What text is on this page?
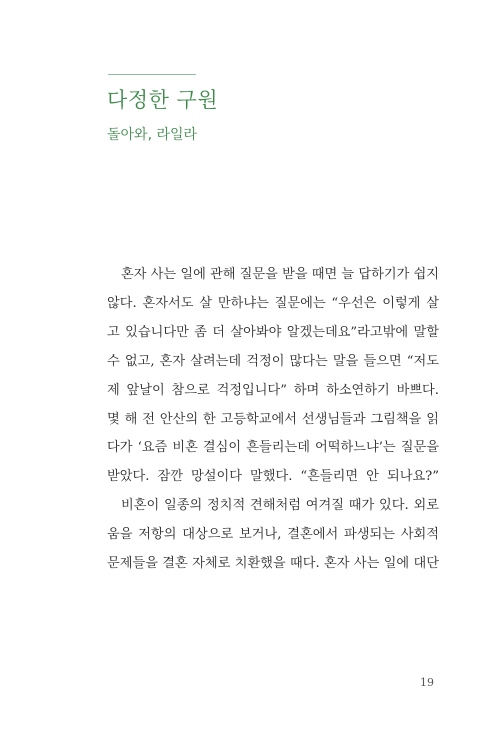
다정한 구원
돌아와, 라일라
혼자 사는 일에 관해 질문을 받을 때면 늘 답하기가 쉽지
않다. 혼자서도 살 만하냐는 질문에는 “우선은 이렇게 살
고 있습니다만 좀 더 살아봐야 알겠는데요”라고밖에 말할
수 없고, 혼자 살려는데 걱정이 많다는 말을 들으면 “저도
제 앞날이 참으로 걱정입니다” 하며 하소연하기 바쁘다.
몇 해 전 안산의 한 고등학교에서 선생님들과 그림책을 읽
다가 ‘요즘 비혼 결심이 흔들리는데 어떡하느냐’는 질문을
받았다. 잠깐 망설이다 말했다. “흔들리면 안 되나요?”
비혼이 일종의 정치적 견해처럼 여겨질 때가 있다. 외로
움을 저항의 대상으로 보거나, 결혼에서 파생되는 사회적
문제들을 결혼 자체로 치환했을 때다. 혼자 사는 일에 대단
19
